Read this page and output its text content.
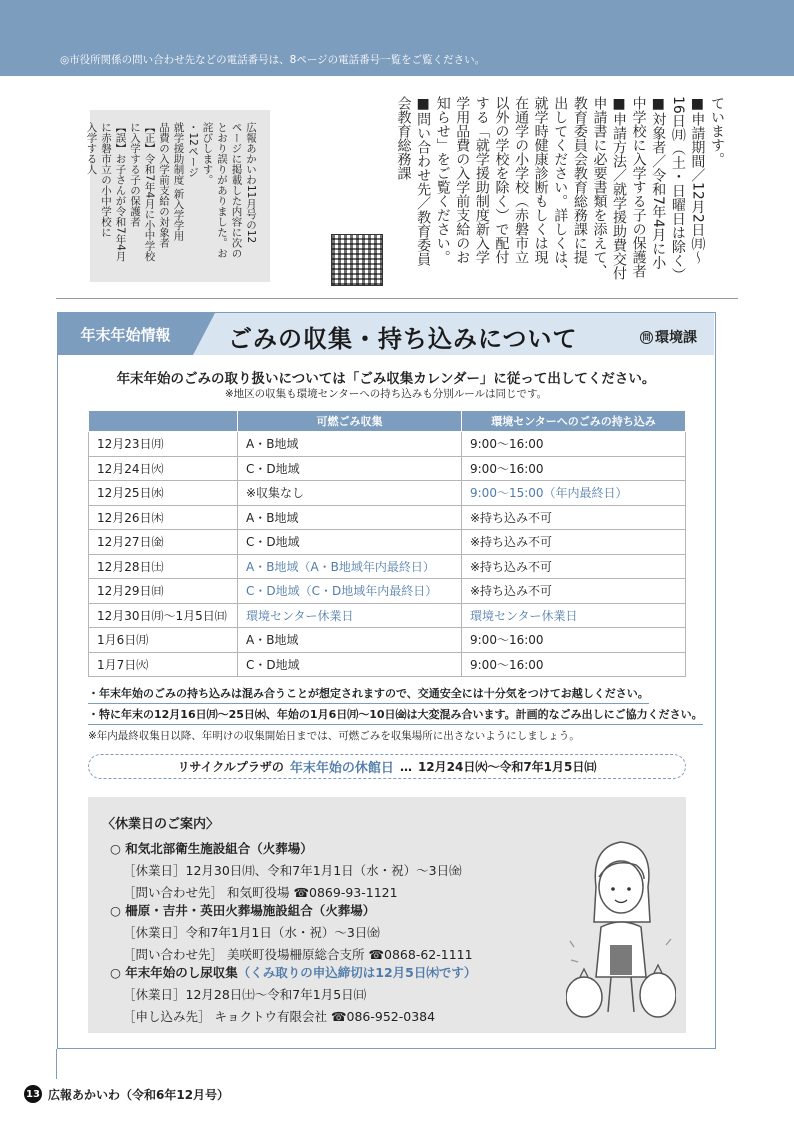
◎市役所関係の問い合わせ先などの電話番号は、8ページの電話番号一覧をご覧ください。
ています。
■申請期間／12月2日㈪〜
16日㈪（土・日曜日は除く）
■対象者／令和7年4月に小
中学校に入学する子の保護者
■申請方法／就学援助費交付
申請書に必要書類を添えて、
教育委員会教育総務課に提
出してください。詳しくは、
就学時健康診断もしくは現
在通学の小学校（赤磐市立
以外の学校を除く）で配付
する「就学援助制度新入学
学用品費の入学前支給のお
知らせ」をご覧ください。
■問い合わせ先／教育委員
会教育総務課
広報あかいわ11月号の12
ページに掲載した内容に次の
とおり誤りがありました。お
詫びします。
・12ページ
就学援助制度 新入学学用
品費の入学前支給の対象者
【正】令和7年4月に小中学校
に入学する子の保護者
【誤】お子さんが令和7年4月
に赤磐市立の小中学校に
入学する人
年末年始情報	ごみの収集・持ち込みについて	問 環境課
年末年始のごみの取り扱いについては「ごみ収集カレンダー」に従って出してください。
※地区の収集も環境センターへの持ち込みも分別ルールは同じです。
	可燃ごみ収集	環境センターへのごみの持ち込み
12月23日㈪	A・B地域	9:00〜16:00
12月24日㈫	C・D地域	9:00〜16:00
12月25日㈬	※収集なし	9:00〜15:00（年内最終日）
12月26日㈭	A・B地域	※持ち込み不可
12月27日㈮	C・D地域	※持ち込み不可
12月28日㈯	A・B地域（A・B地域年内最終日）	※持ち込み不可
12月29日㈰	C・D地域（C・D地域年内最終日）	※持ち込み不可
12月30日㈪〜1月5日㈰	環境センター休業日	環境センター休業日
1月6日㈪	A・B地域	9:00〜16:00
1月7日㈫	C・D地域	9:00〜16:00
・年末年始のごみの持ち込みは混み合うことが想定されますので、交通安全には十分気をつけてお越しください。
・特に年末の12月16日㈪〜25日㈬、年始の1月6日㈪〜10日㈮は大変混み合います。計画的なごみ出しにご協力ください。
※年内最終収集日以降、年明けの収集開始日までは、可燃ごみを収集場所に出さないようにしましょう。
リサイクルプラザの 年末年始の休館日 … 12月24日㈫〜令和7年1月5日㈰
〈休業日のご案内〉
○ 和気北部衛生施設組合（火葬場）
［休業日］12月30日㈪、令和7年1月1日（水・祝）〜3日㈮
［問い合わせ先］ 和気町役場 ☎0869-93-1121
○ 柵原・吉井・英田火葬場施設組合（火葬場）
［休業日］令和7年1月1日（水・祝）〜3日㈮
［問い合わせ先］ 美咲町役場柵原総合支所 ☎0868-62-1111
○ 年末年始のし尿収集（くみ取りの申込締切は12月5日㈭です）
［休業日］12月28日㈯〜令和7年1月5日㈰
［申し込み先］ キョクトウ有限会社 ☎086-952-0384
13 広報あかいわ（令和6年12月号）
